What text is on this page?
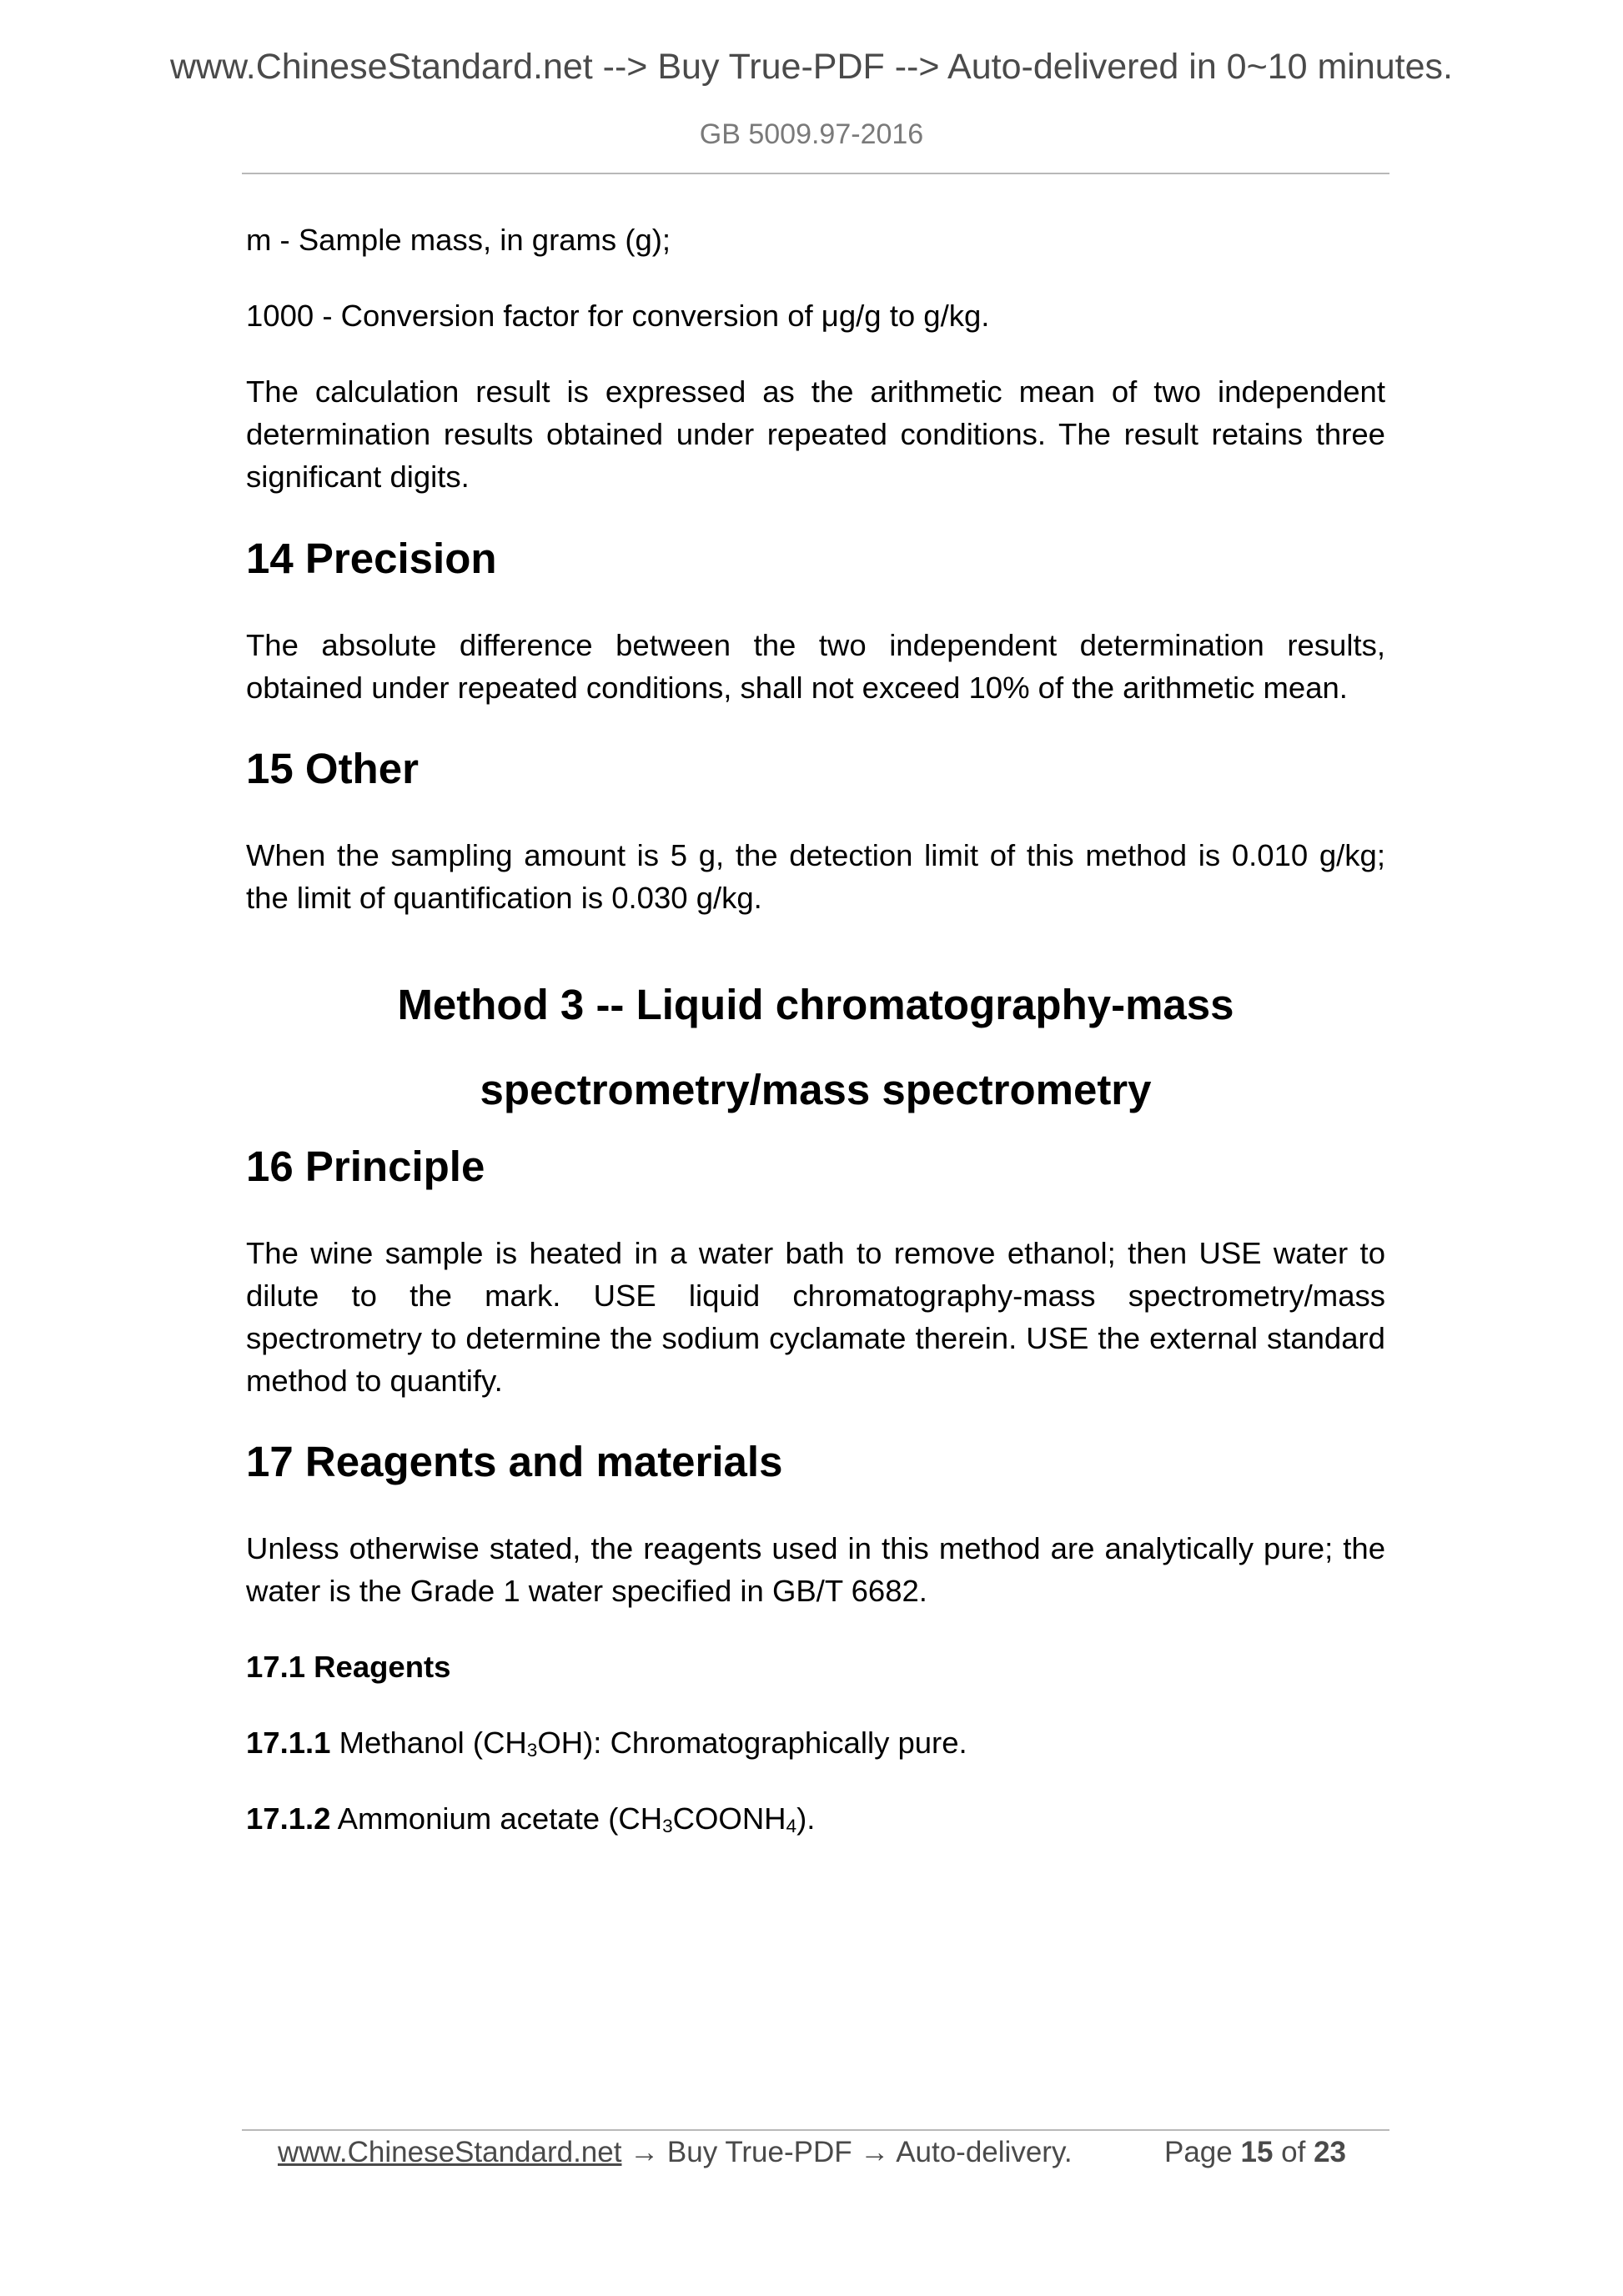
www.ChineseStandard.net --> Buy True-PDF --> Auto-delivered in 0~10 minutes.
GB 5009.97-2016

m - Sample mass, in grams (g);

1000 - Conversion factor for conversion of μg/g to g/kg.

The calculation result is expressed as the arithmetic mean of two independent determination results obtained under repeated conditions. The result retains three significant digits.

14 Precision

The absolute difference between the two independent determination results, obtained under repeated conditions, shall not exceed 10% of the arithmetic mean.

15 Other

When the sampling amount is 5 g, the detection limit of this method is 0.010 g/kg; the limit of quantification is 0.030 g/kg.

Method 3 -- Liquid chromatography-mass

spectrometry/mass spectrometry

16 Principle

The wine sample is heated in a water bath to remove ethanol; then USE water to dilute to the mark. USE liquid chromatography-mass spectrometry/mass spectrometry to determine the sodium cyclamate therein. USE the external standard method to quantify.

17 Reagents and materials

Unless otherwise stated, the reagents used in this method are analytically pure; the water is the Grade 1 water specified in GB/T 6682.

17.1 Reagents

17.1.1 Methanol $(CH_3OH)$: Chromatographically pure.

17.1.2 Ammonium acetate $(CH_3COONH_4)$.

www.ChineseStandard.net → Buy True-PDF → Auto-delivery.	Page 15 of 23
